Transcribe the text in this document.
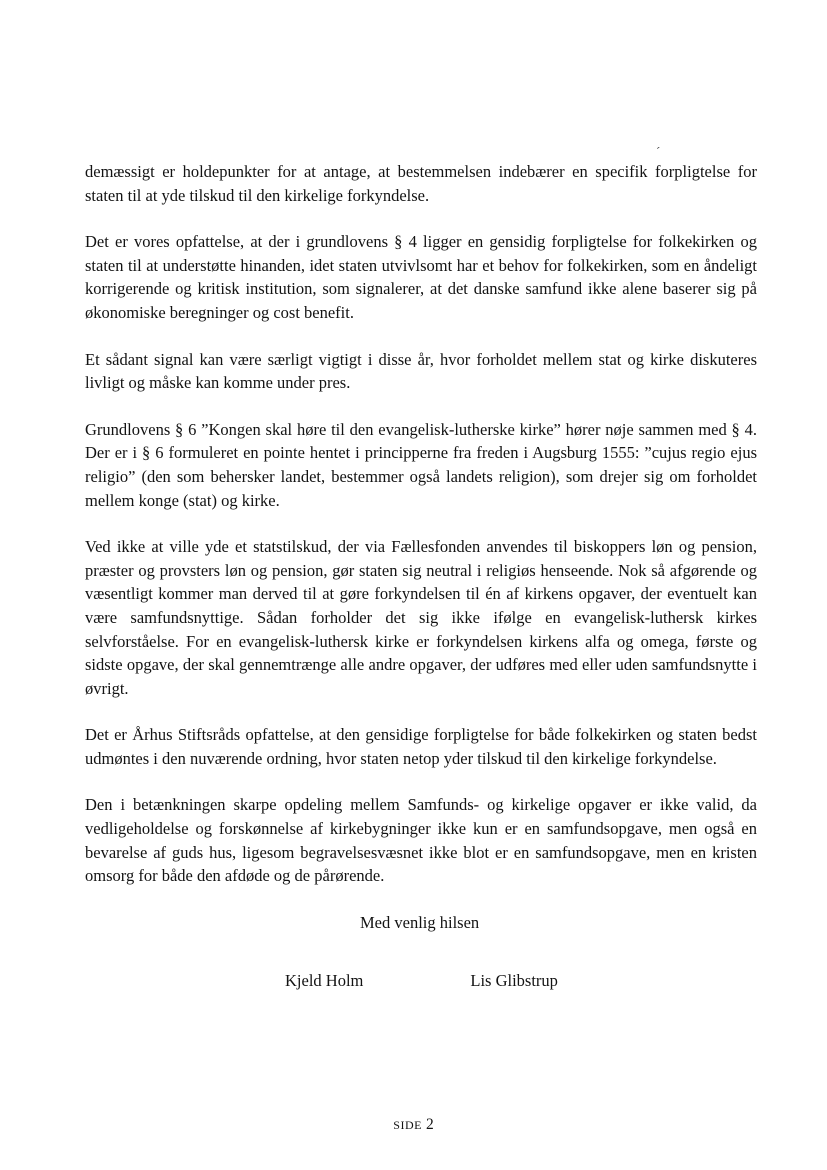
´

demæssigt er holdepunkter for at antage, at bestemmelsen indebærer en specifik forpligtelse for staten til at yde tilskud til den kirkelige forkyndelse.

Det er vores opfattelse, at der i grundlovens § 4 ligger en gensidig forpligtelse for folkekirken og staten til at understøtte hinanden, idet staten utvivlsomt har et behov for folkekirken, som en åndeligt korrigerende og kritisk institution, som signalerer, at det danske samfund ikke alene baserer sig på økonomiske beregninger og cost benefit.

Et sådant signal kan være særligt vigtigt i disse år, hvor forholdet mellem stat og kirke diskuteres livligt og måske kan komme under pres.

Grundlovens § 6 ”Kongen skal høre til den evangelisk-lutherske kirke” hører nøje sammen med § 4. Der er i § 6 formuleret en pointe hentet i principperne fra freden i Augsburg 1555: ”cujus regio ejus religio” (den som behersker landet, bestemmer også landets religion), som drejer sig om forholdet mellem konge (stat) og kirke.

Ved ikke at ville yde et statstilskud, der via Fællesfonden anvendes til biskoppers løn og pension, præster og provsters løn og pension, gør staten sig neutral i religiøs henseende. Nok så afgørende og væsentligt kommer man derved til at gøre forkyndelsen til én af kirkens opgaver, der eventuelt kan være samfundsnyttige. Sådan forholder det sig ikke ifølge en evangelisk-luthersk kirkes selvforståelse. For en evangelisk-luthersk kirke er forkyndelsen kirkens alfa og omega, første og sidste opgave, der skal gennemtrænge alle andre opgaver, der udføres med eller uden samfundsnytte i øvrigt.

Det er Århus Stiftsråds opfattelse, at den gensidige forpligtelse for både folkekirken og staten bedst udmøntes i den nuværende ordning, hvor staten netop yder tilskud til den kirkelige forkyndelse.

Den i betænkningen skarpe opdeling mellem Samfunds- og kirkelige opgaver er ikke valid, da vedligeholdelse og forskønnelse af kirkebygninger ikke kun er en samfundsopgave, men også en bevarelse af guds hus, ligesom begravelsesvæsnet ikke blot er en samfundsopgave, men en kristen omsorg for både den afdøde og de pårørende.

Med venlig hilsen

Kjeld Holm	Lis Glibstrup
SIDE 2
